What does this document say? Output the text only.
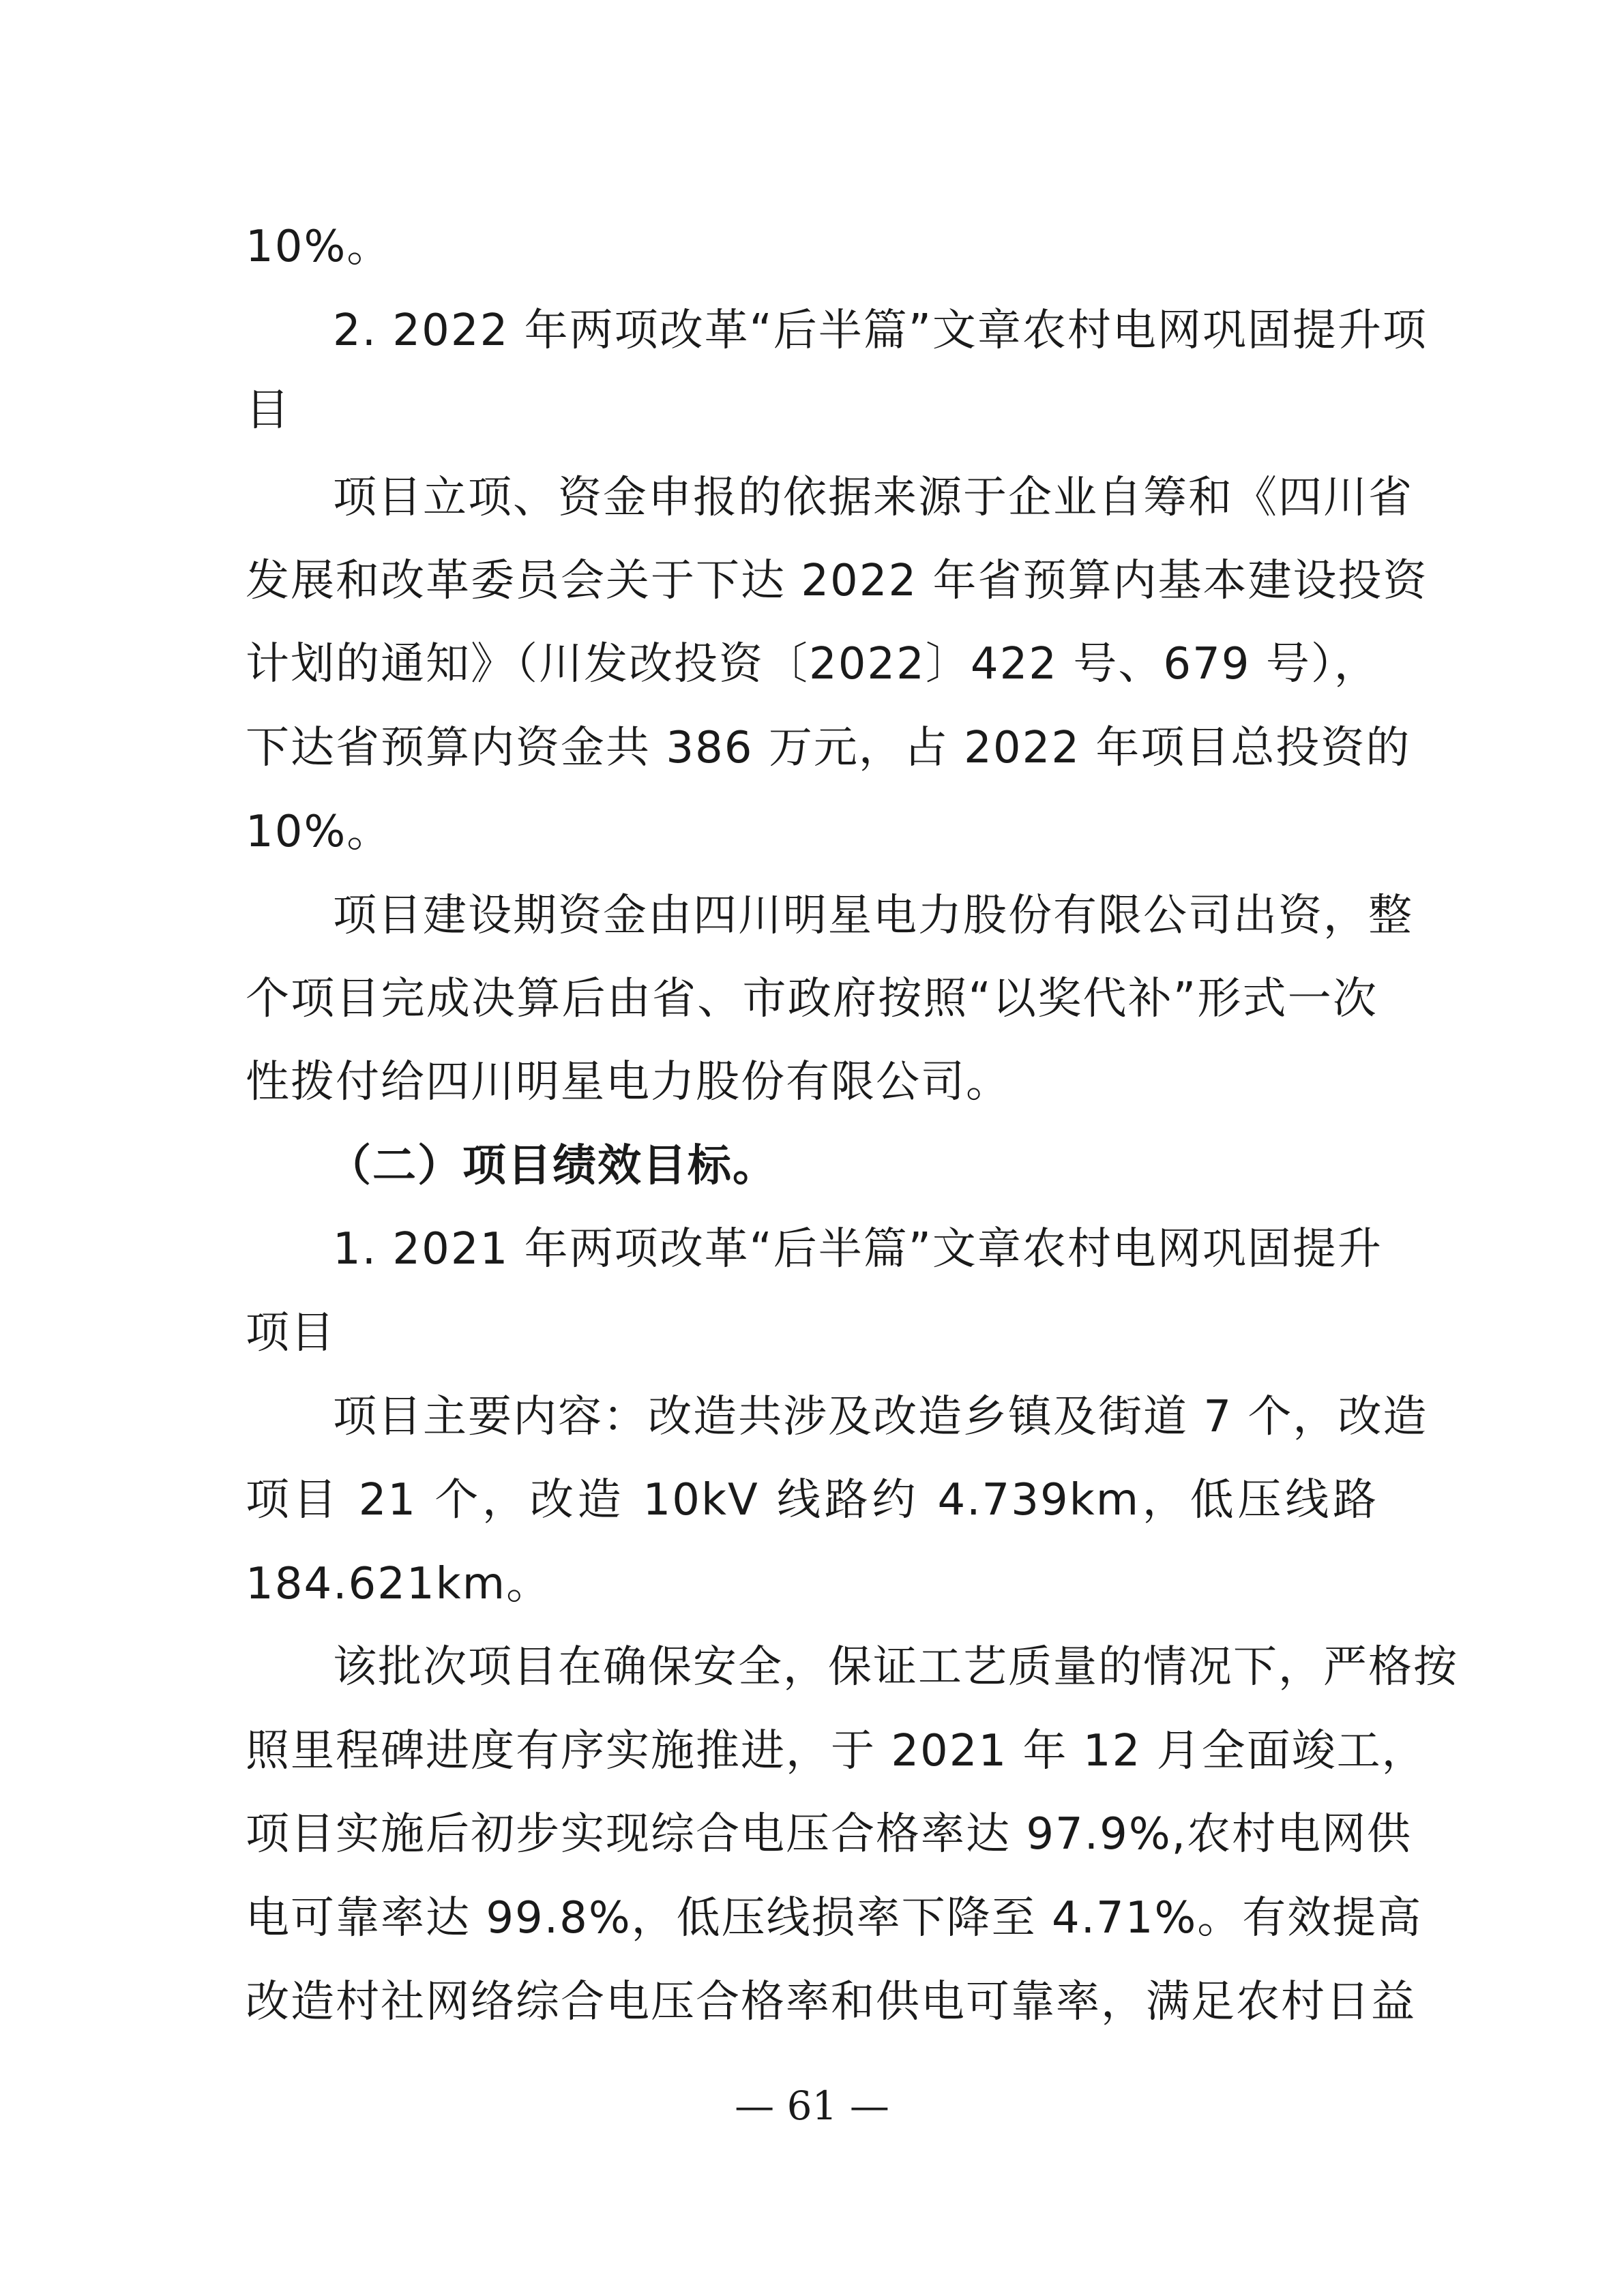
10%。
2. 2022 年两项改革“后半篇”文章农村电网巩固提升项
目
项目立项、资金申报的依据来源于企业自筹和《四川省
发展和改革委员会关于下达 2022 年省预算内基本建设投资
计划的通知》（川发改投资〔2022〕422 号、679 号），
下达省预算内资金共 386 万元，占 2022 年项目总投资的
10%。
项目建设期资金由四川明星电力股份有限公司出资，整
个项目完成决算后由省、市政府按照“以奖代补”形式一次
性拨付给四川明星电力股份有限公司。
（二）项目绩效目标。
1. 2021 年两项改革“后半篇”文章农村电网巩固提升
项目
项目主要内容：改造共涉及改造乡镇及街道 7 个，改造
项目 21 个，改造 10kV 线路约 4.739km，低压线路
184.621km。
该批次项目在确保安全，保证工艺质量的情况下，严格按
照里程碑进度有序实施推进，于 2021 年 12 月全面竣工，
项目实施后初步实现综合电压合格率达 97.9%,农村电网供
电可靠率达 99.8%，低压线损率下降至 4.71%。有效提高
改造村社网络综合电压合格率和供电可靠率，满足农村日益
— 61 —
